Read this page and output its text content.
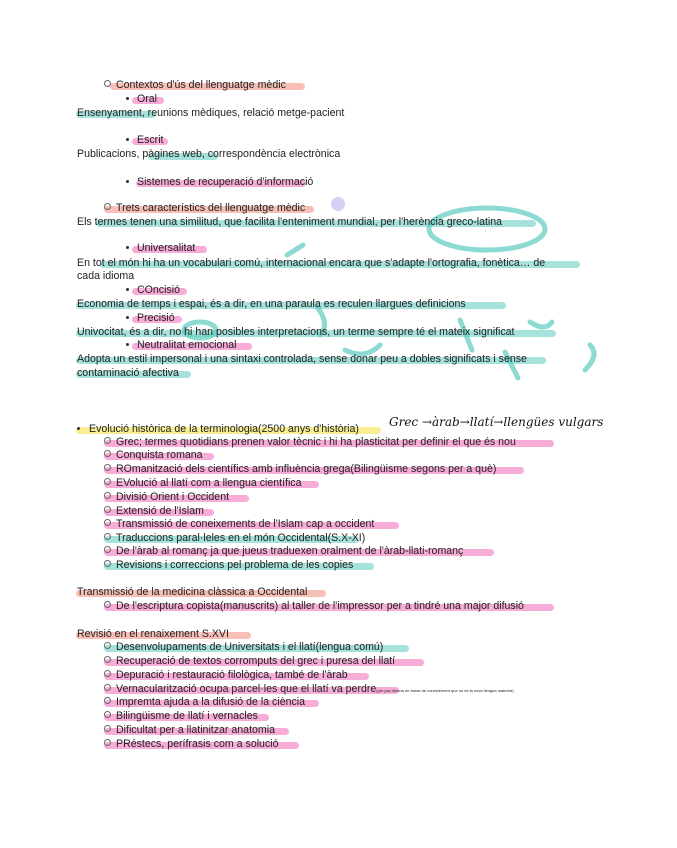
Contextos d'ús del llenguatge mèdic
Oral
Ensenyament, reunions mèdiques, relació metge-pacient
Escrit
Publicacions, pàgines web, correspondència electrònica
Sistemes de recuperació d'informació
Trets característics del llenguatge mèdic
Els termes tenen una similitud, que facilita l'enteniment mundial, per l'herència greco-latina
Universalitat
En tot el món hi ha un vocabulari comú, internacional encara que s'adapte l'ortografia, fonètica… de
cada idioma
COncisió
Economia de temps i espai, és a dir, en una paraula es reculen llargues definicions
Precisió
Univocitat, és a dir, no hi han posibles interpretacions, un terme sempre té el mateix significat
Neutralitat emocional
Adopta un estil impersonal i una sintaxi controlada, sense donar peu a dobles significats i sense
contaminació afectiva
Evolució històrica de la terminologia(2500 anys d'història)	Grec →àrab→llatí→llengües vulgars
Grec; termes quotidians prenen valor tècnic i hi ha plasticitat per definir el que és nou
Conquista romana
ROmanització dels científics amb influència grega(Bilingüisme segons per a què)
EVolució al llatí com a llengua científica
Divisió Orient i Occident
Extensió de l'Islam
Transmissió de coneixements de l'Islam cap a occident
Traduccions paral·leles en el món Occidental(S.X-XI)
De l'àrab al romanç ja que jueus traduexen oralment de l'àrab-llati-romanç
Revisions i correccions pel problema de les copies
Transmissió de la medicina clàssica a Occidental
De l'escriptura copista(manuscrits) al taller de l'impressor per a tindré una major difusió
Revisió en el renaixement S.XVI
Desenvolupaments de Universitats i el llatí(lengua comú)
Recuperació de textos corromputs del grec i puresa del llatí
Depuració i restauració filològica, també de l'àrab
Vernacularització ocupa parcel·les que el llatí va perdre(per poc idioma en àreas de coneixement que no es la nova llengua materna)
Impremta ajuda a la difusió de la ciència
Bilingüisme de llatí i vernacles
Dificultat per a llatinitzar anatomia
PRéstecs, perífrasis com a solució
